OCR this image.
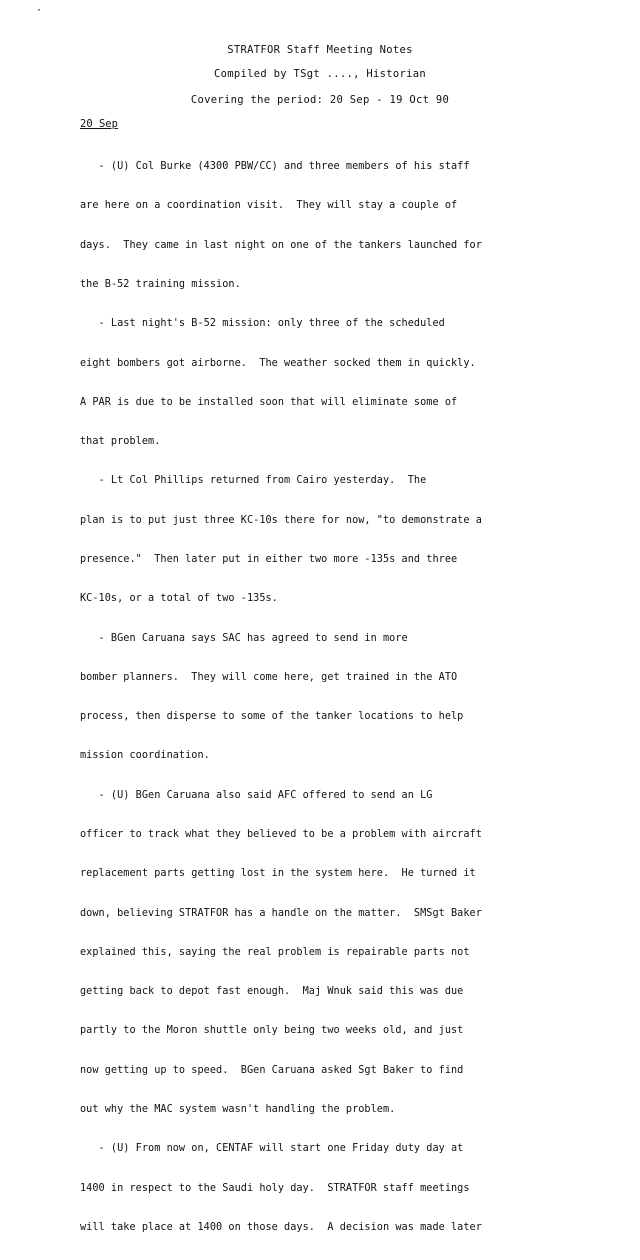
·
STRATFOR Staff Meeting Notes
Compiled by TSgt ...., Historian
Covering the period: 20 Sep - 19 Oct 90
20 Sep

- (U) Col Burke (4300 PBW/CC) and three members of his staff

are here on a coordination visit.  They will stay a couple of

days.  They came in last night on one of the tankers launched for

the B-52 training mission.

- Last night's B-52 mission: only three of the scheduled

eight bombers got airborne.  The weather socked them in quickly.

A PAR is due to be installed soon that will eliminate some of

that problem.

- Lt Col Phillips returned from Cairo yesterday.  The

plan is to put just three KC-10s there for now, "to demonstrate a

presence."  Then later put in either two more -135s and three

KC-10s, or a total of two -135s.

- BGen Caruana says SAC has agreed to send in more

bomber planners.  They will come here, get trained in the ATO

process, then disperse to some of the tanker locations to help

mission coordination.

- (U) BGen Caruana also said AFC offered to send an LG

officer to track what they believed to be a problem with aircraft

replacement parts getting lost in the system here.  He turned it

down, believing STRATFOR has a handle on the matter.  SMSgt Baker

explained this, saying the real problem is repairable parts not

getting back to depot fast enough.  Maj Wnuk said this was due

partly to the Moron shuttle only being two weeks old, and just

now getting up to speed.  BGen Caruana asked Sgt Baker to find

out why the MAC system wasn't handling the problem.

- (U) From now on, CENTAF will start one Friday duty day at

1400 in respect to the Saudi holy day.  STRATFOR staff meetings

will take place at 1400 on those days.  A decision was made later
